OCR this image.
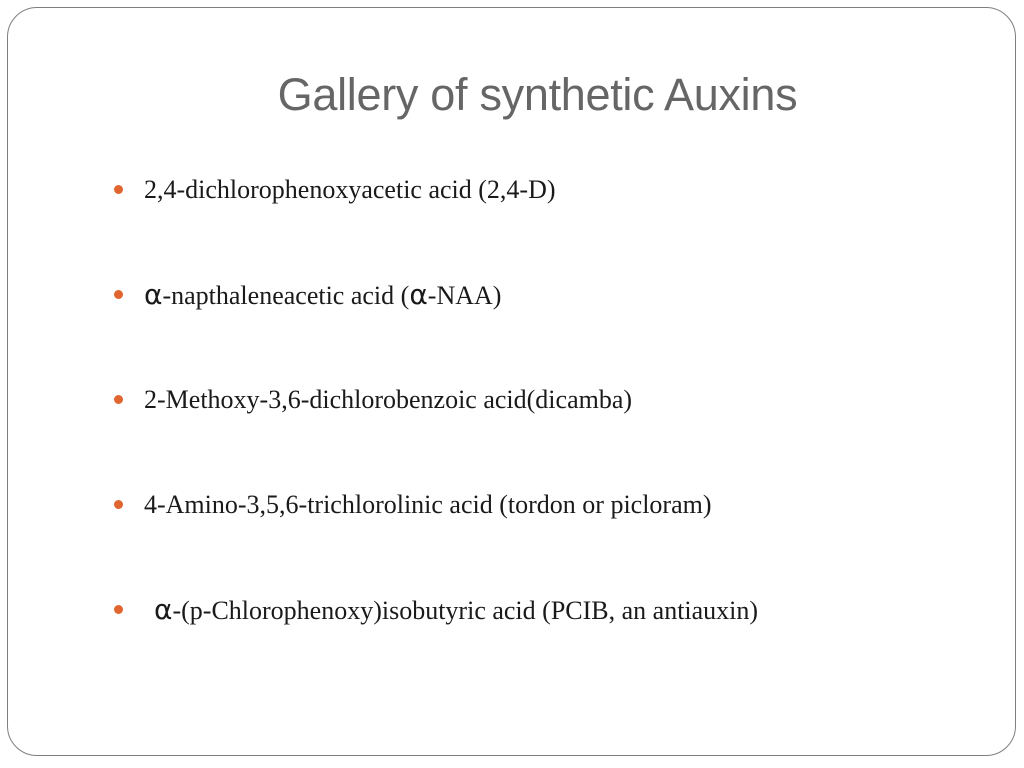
Gallery of synthetic Auxins
2,4-dichlorophenoxyacetic acid (2,4-D)
α-napthaleneacetic acid (α-NAA)
2-Methoxy-3,6-dichlorobenzoic acid(dicamba)
4-Amino-3,5,6-trichlorolinic acid (tordon or picloram)
α-(p-Chlorophenoxy)isobutyric acid (PCIB, an antiauxin)
